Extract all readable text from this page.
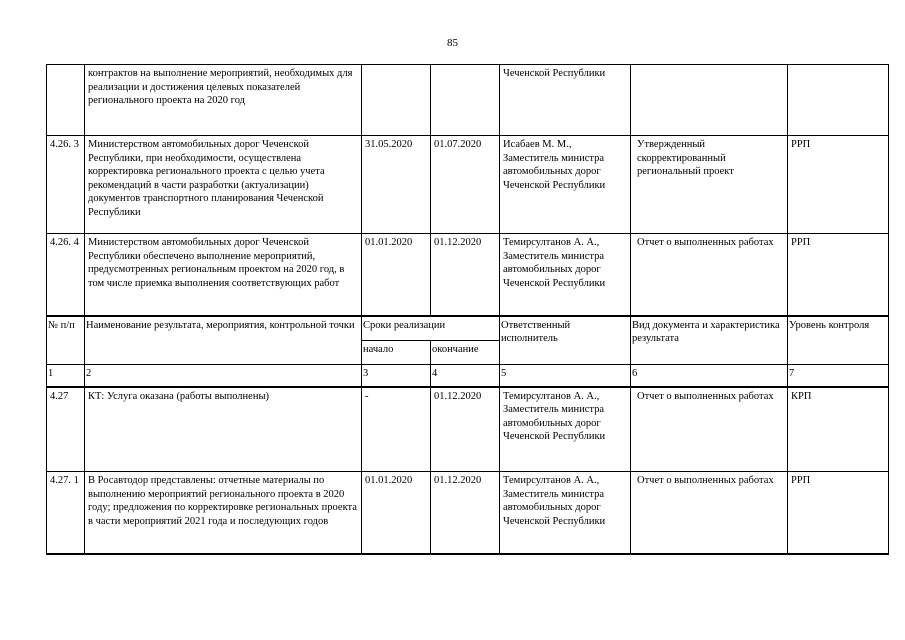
85
	контрактов на выполнение мероприятий, необходимых для реализации и достижения целевых показателей регионального проекта на 2020 год			Чеченской Республики		
4.26. 3	Министерством автомобильных дорог Чеченской Республики, при необходимости, осуществлена корректировка регионального проекта с целью учета рекомендаций в части разработки (актуализации) документов транспортного планирования Чеченской Республики	31.05.2020	01.07.2020	Исабаев М. М., Заместитель министра автомобильных дорог Чеченской Республики	Утвержденный скорректированный региональный проект	РРП
4.26. 4	Министерством автомобильных дорог Чеченской Республики обеспечено выполнение мероприятий, предусмотренных региональным проектом на 2020 год, в том числе приемка выполнения соответствующих работ	01.01.2020	01.12.2020	Темирсултанов А. А., Заместитель министра автомобильных дорог Чеченской Республики	Отчет о выполненных работах	РРП
№ п/п	Наименование результата, мероприятия, контрольной точки	Сроки реализации		Ответственный исполнитель	Вид документа и характеристика результата	Уровень контроля
		начало	окончание			
1	2	3	4	5	6	7
4.27	КТ: Услуга оказана (работы выполнены)	-	01.12.2020	Темирсултанов А. А., Заместитель министра автомобильных дорог Чеченской Республики	Отчет о выполненных работах	КРП
4.27. 1	В Росавтодор представлены: отчетные материалы по выполнению мероприятий регионального проекта в 2020 году; предложения по корректировке региональных проекта в части мероприятий 2021 года и последующих годов	01.01.2020	01.12.2020	Темирсултанов А. А., Заместитель министра автомобильных дорог Чеченской Республики	Отчет о выполненных работах	РРП
